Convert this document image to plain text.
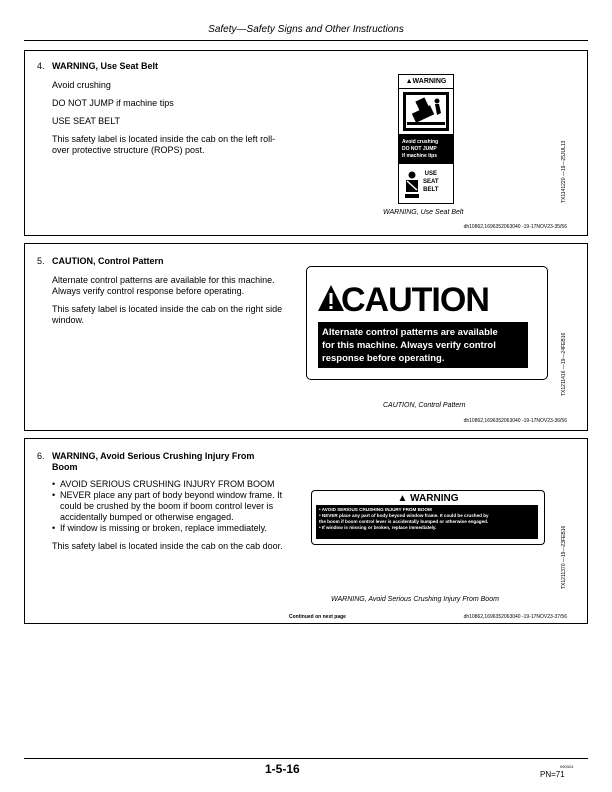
Safety—Safety Signs and Other Instructions
4. WARNING, Use Seat Belt

Avoid crushing

DO NOT JUMP if machine tips

USE SEAT BELT

This safety label is located inside the cab on the left roll-over protective structure (ROPS) post.

▲WARNING
Avoid crushing
DO NOT JUMP
if machine tips
USE
SEAT
BELT	TX1141220 —19—25JUL13
WARNING, Use Seat Belt
dh10862,1696352063040 -19-17NOV23-35/56
5. CAUTION, Control Pattern

Alternate control patterns are available for this machine. Always verify control response before operating.

This safety label is located inside the cab on the right side window.

CAUTION
Alternate control patterns are available
for this machine. Always verify control
response before operating.	TX1211416 —19—24FEB16
CAUTION, Control Pattern
dh10862,1696352063040 -19-17NOV23-36/56
6. WARNING, Avoid Serious Crushing Injury From
Boom
• AVOID SERIOUS CRUSHING INJURY FROM BOOM
• NEVER place any part of body beyond window frame. It could be crushed by the boom if boom control lever is accidentally bumped or otherwise engaged.
• If window is missing or broken, replace immediately.

This safety label is located inside the cab on the cab door.

▲ WARNING
• AVOID SERIOUS CRUSHING INJURY FROM BOOM
• NEVER place any part of body beyond window frame. It could be crushed by
the boom if boom control lever is accidentally bumped or otherwise engaged.
• If window is missing or broken, replace immediately.	TX1211370 —19—23FEB16
WARNING, Avoid Serious Crushing Injury From Boom
Continued on next page	dh10862,1696352063040 -19-17NOV23-37/56
1-5-16	090324
PN=71
